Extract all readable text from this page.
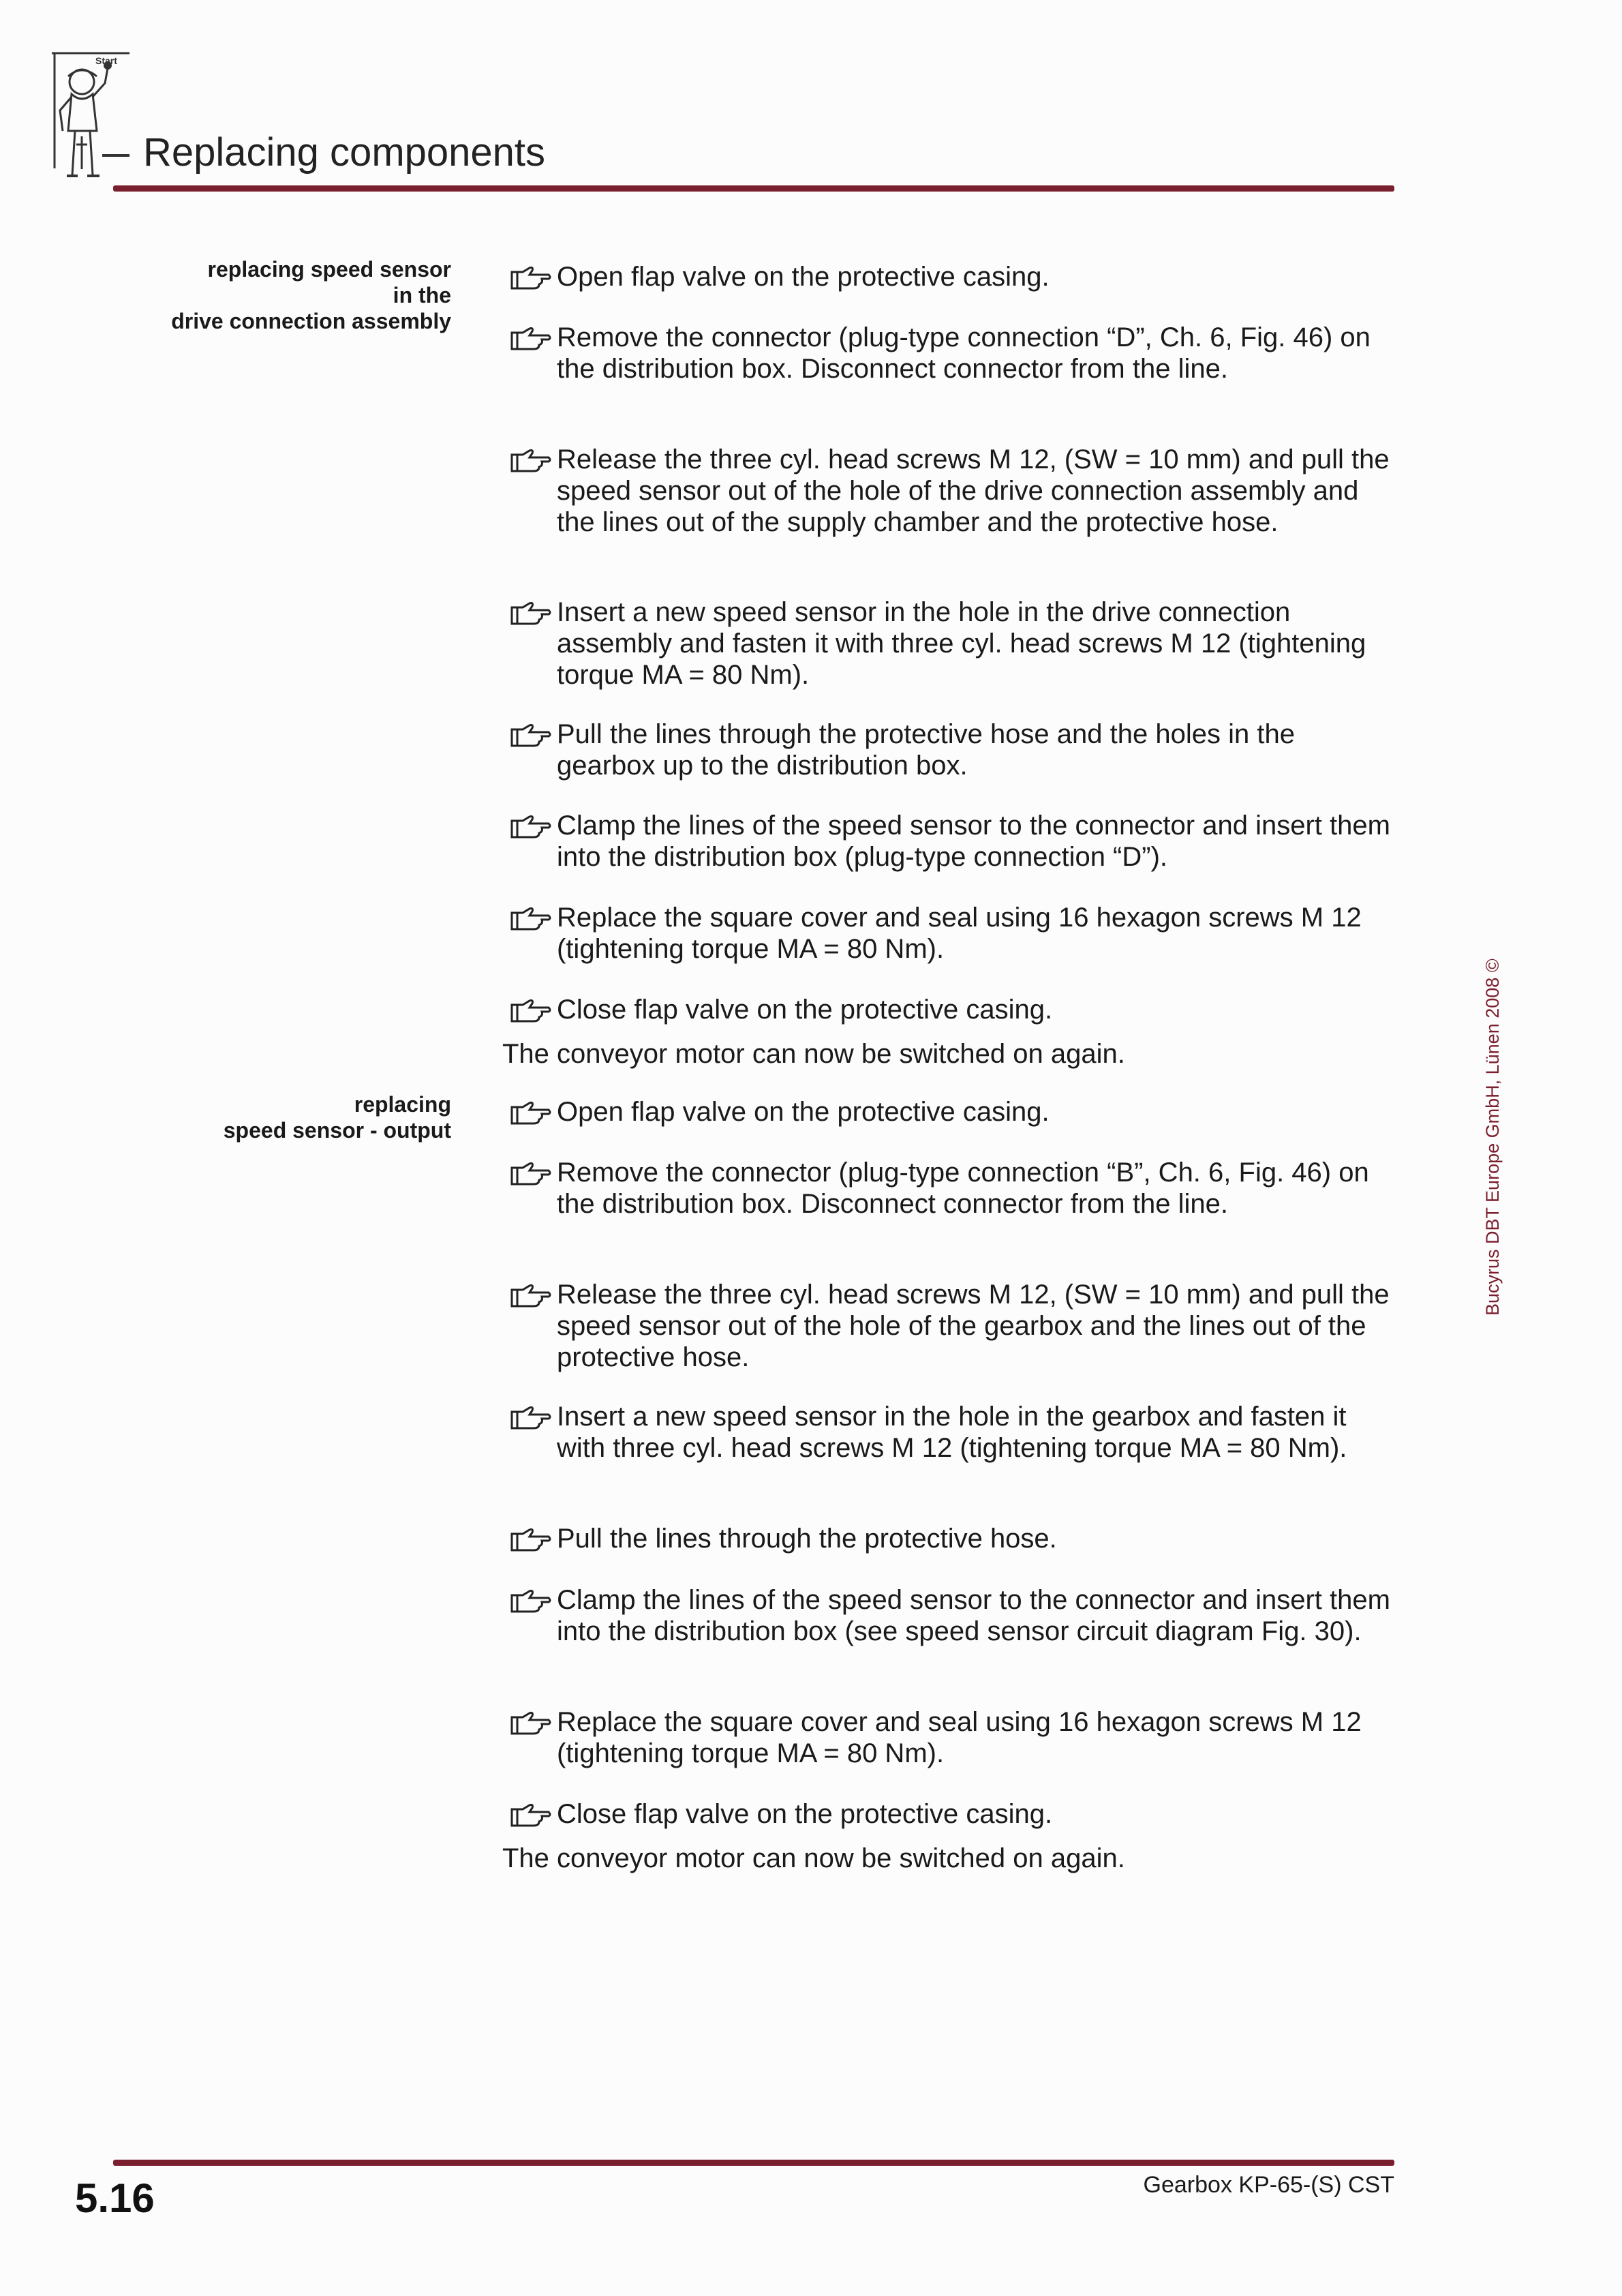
Start
Replacing components
replacing speed sensor
in the
drive connection assembly
Open flap valve on the protective casing.
Remove the connector (plug-type connection “D”, Ch. 6, Fig. 46) on the distribution box. Disconnect connector from the line.
Release the three cyl. head screws M 12, (SW = 10 mm) and pull the speed sensor out of the hole of the drive connection assembly and the lines out of the supply chamber and the protective hose.
Insert a new speed sensor in the hole in the drive connection assembly and fasten it with three cyl. head screws M 12 (tightening torque MA = 80 Nm).
Pull the lines through the protective hose and the holes in the gearbox up to the distribution box.
Clamp the lines of the speed sensor to the connector and insert them into the distribution box (plug-type connection “D”).
Replace the square cover and seal using 16 hexagon screws M 12 (tightening torque MA = 80 Nm).
Close flap valve on the protective casing.
The conveyor motor can now be switched on again.
replacing
speed sensor - output
Open flap valve on the protective casing.
Remove the connector (plug-type connection “B”, Ch. 6, Fig. 46) on the distribution box. Disconnect connector from the line.
Release the three cyl. head screws M 12, (SW = 10 mm) and pull the speed sensor out of the hole of the gearbox and the lines out of the protective hose.
Insert a new speed sensor in the hole in the gearbox and fasten it with three cyl. head screws M 12 (tightening torque MA = 80 Nm).
Pull the lines through the protective hose.
Clamp the lines of the speed sensor to the connector and insert them into the distribution box (see speed sensor circuit diagram Fig. 30).
Replace the square cover and seal using 16 hexagon screws M 12 (tightening torque MA = 80 Nm).
Close flap valve on the protective casing.
The conveyor motor can now be switched on again.
Bucyrus DBT Europe GmbH, Lünen 2008 ©
5.16	Gearbox KP-65-(S) CST
